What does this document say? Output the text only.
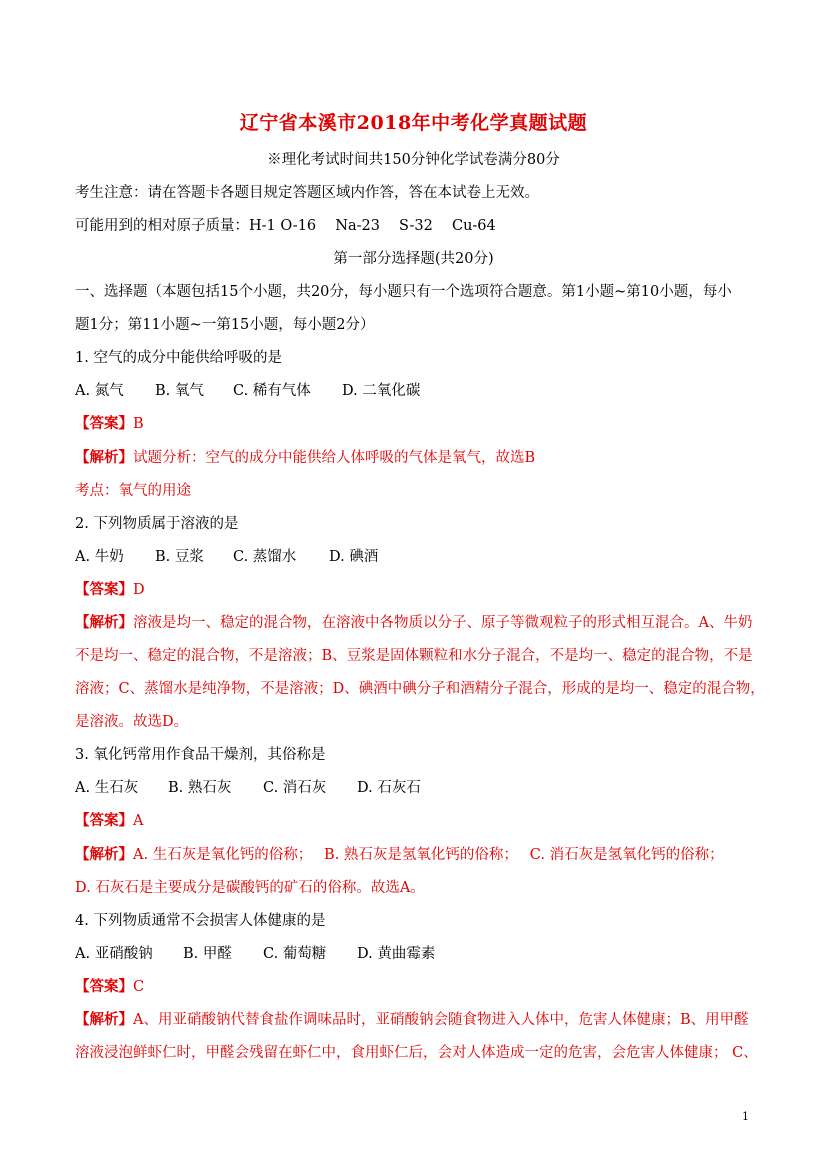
辽宁省本溪市2018年中考化学真题试题
※理化考试时间共150分钟化学试卷满分80分
考生注意：请在答题卡各题目规定答题区域内作答，答在本试卷上无效。
可能用到的相对原子质量：H-1 O-16　 Na-23　 S-32　 Cu-64
第一部分选择题(共20分)
一、选择题（本题包括15个小题，共20分，每小题只有一个选项符合题意。第1小题~第10小题，每小
题1分；第11小题~一第15小题，每小题2分）
1. 空气的成分中能供给呼吸的是
A. 氮气 B. 氧气 C. 稀有气体 D. 二氧化碳
【答案】B
【解析】试题分析：空气的成分中能供给人体呼吸的气体是氧气，故选B
考点：氧气的用途
2. 下列物质属于溶液的是
A. 牛奶 B. 豆浆 C. 蒸馏水 D. 碘酒
【答案】D
【解析】溶液是均一、稳定的混合物，在溶液中各物质以分子、原子等微观粒子的形式相互混合。A、牛奶
不是均一、稳定的混合物，不是溶液；B、豆浆是固体颗粒和水分子混合，不是均一、稳定的混合物，不是
溶液；C、蒸馏水是纯净物，不是溶液；D、碘酒中碘分子和酒精分子混合，形成的是均一、稳定的混合物，
是溶液。故选D。
3. 氧化钙常用作食品干燥剂，其俗称是
A. 生石灰 B. 熟石灰 C. 消石灰 D. 石灰石
【答案】A
【解析】A. 生石灰是氧化钙的俗称；　 B. 熟石灰是氢氧化钙的俗称；　 C. 消石灰是氢氧化钙的俗称；
D. 石灰石是主要成分是碳酸钙的矿石的俗称。故选A。
4. 下列物质通常不会损害人体健康的是
A. 亚硝酸钠 B. 甲醛 C. 葡萄糖 D. 黄曲霉素
【答案】C
【解析】A、用亚硝酸钠代替食盐作调味品时，亚硝酸钠会随食物进入人体中，危害人体健康；B、用甲醛
溶液浸泡鲜虾仁时，甲醛会残留在虾仁中，食用虾仁后，会对人体造成一定的危害，会危害人体健康； C、
1
